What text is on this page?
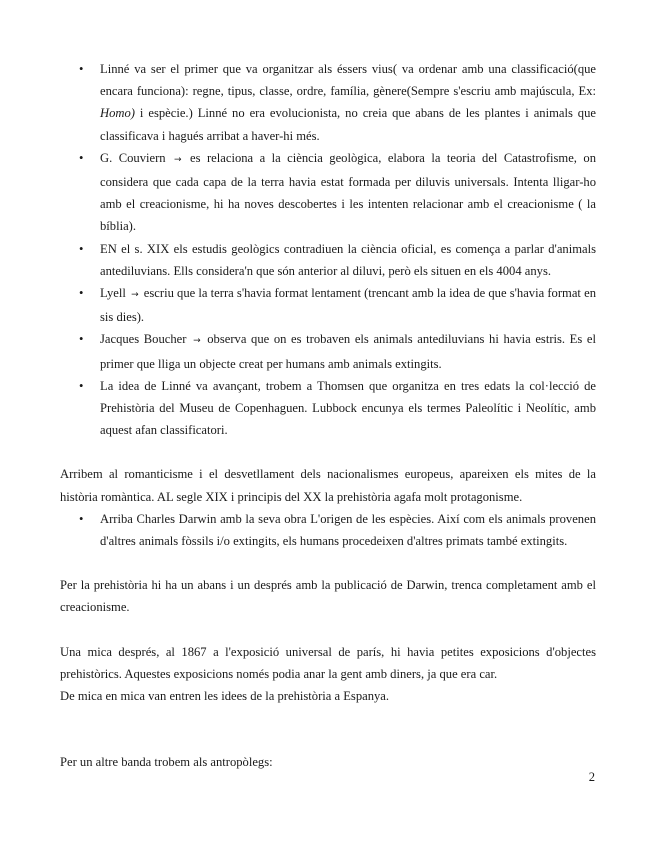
• Linné va ser el primer que va organitzar als éssers vius( va ordenar amb una classificació(que encara funciona): regne, tipus, classe, ordre, família, gènere(Sempre s'escriu amb majúscula, Ex: Homo) i espècie.) Linné no era evolucionista, no creia que abans de les plantes i animals que classificava i hagués arribat a haver-hi més.
• G. Couviern → es relaciona a la ciència geològica, elabora la teoria del Catastrofisme, on considera que cada capa de la terra havia estat formada per diluvis universals. Intenta lligar-ho amb el creacionisme, hi ha noves descobertes i les intenten relacionar amb el creacionisme ( la bíblia).
• EN el s. XIX els estudis geològics contradiuen la ciència oficial, es comença a parlar d'animals antediluvians. Ells considera'n que són anterior al diluvi, però els situen en els 4004 anys.
• Lyell → escriu que la terra s'havia format lentament (trencant amb la idea de que s'havia format en sis dies).
• Jacques Boucher → observa que on es trobaven els animals antediluvians hi havia estris. Es el primer que lliga un objecte creat per humans amb animals extingits.
• La idea de Linné va avançant, trobem a Thomsen que organitza en tres edats la col·lecció de Prehistòria del Museu de Copenhaguen. Lubbock encunya els termes Paleolític i Neolític, amb aquest afan classificatori.

Arribem al romanticisme i el desvetllament dels nacionalismes europeus, apareixen els mites de la història romàntica. AL segle XIX i principis del XX la prehistòria agafa molt protagonisme.

• Arriba Charles Darwin amb la seva obra L'origen de les espècies. Així com els animals provenen d'altres animals fòssils i/o extingits, els humans procedeixen d'altres primats també extingits.

Per la prehistòria hi ha un abans i un després amb la publicació de Darwin, trenca completament amb el creacionisme.

Una mica després, al 1867 a l'exposició universal de parís, hi havia petites exposicions d'objectes prehistòrics. Aquestes exposicions només podia anar la gent amb diners, ja que era car.

De mica en mica van entren les idees de la prehistòria a Espanya.

Per un altre banda trobem als antropòlegs:

2
